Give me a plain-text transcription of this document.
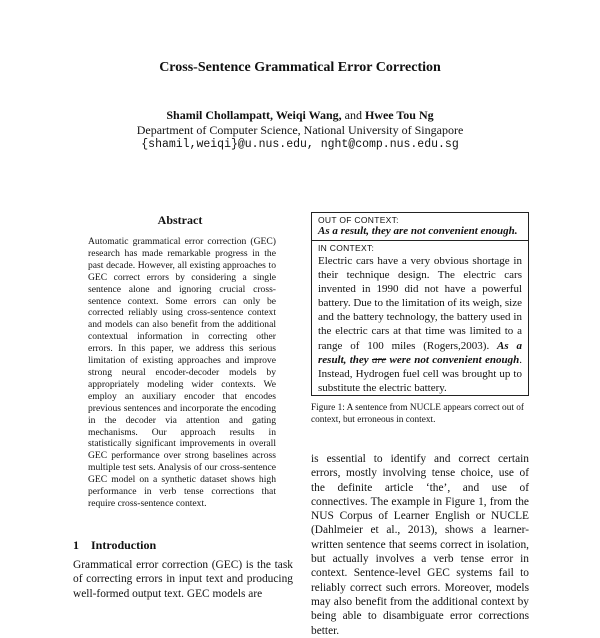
Cross-Sentence Grammatical Error Correction
Shamil Chollampatt, Weiqi Wang, and Hwee Tou Ng
Department of Computer Science, National University of Singapore
{shamil,weiqi}@u.nus.edu, nght@comp.nus.edu.sg
Abstract
Automatic grammatical error correction (GEC) research has made remarkable progress in the past decade. However, all existing approaches to GEC correct errors by considering a single sentence alone and ignoring crucial cross-sentence context. Some errors can only be corrected reliably using cross-sentence context and models can also benefit from the additional contextual information in correcting other errors. In this paper, we address this serious limitation of existing approaches and improve strong neural encoder-decoder models by appropriately modeling wider contexts. We employ an auxiliary encoder that encodes previous sentences and incorporate the encoding in the decoder via attention and gating mechanisms. Our approach results in statistically significant improvements in overall GEC performance over strong baselines across multiple test sets. Analysis of our cross-sentence GEC model on a synthetic dataset shows high performance in verb tense corrections that require cross-sentence context.
1 Introduction
Grammatical error correction (GEC) is the task of correcting errors in input text and producing well-formed output text. GEC models are
OUT OF CONTEXT:
As a result, they are not convenient enough.
IN CONTEXT:
Electric cars have a very obvious shortage in their technique design. The electric cars invented in 1990 did not have a powerful battery. Due to the limitation of its weigh, size and the battery technology, the battery used in the electric cars at that time was limited to a range of 100 miles (Rogers,2003). As a result, they are were not convenient enough. Instead, Hydrogen fuel cell was brought up to substitute the electric battery.
Figure 1: A sentence from NUCLE appears correct out of context, but erroneous in context.
is essential to identify and correct certain errors, mostly involving tense choice, use of the definite article ‘the’, and use of connectives. The example in Figure 1, from the NUS Corpus of Learner English or NUCLE (Dahlmeier et al., 2013), shows a learner-written sentence that seems correct in isolation, but actually involves a verb tense error in context. Sentence-level GEC systems fail to reliably correct such errors. Moreover, models may also benefit from the additional context by being able to disambiguate error corrections better.
